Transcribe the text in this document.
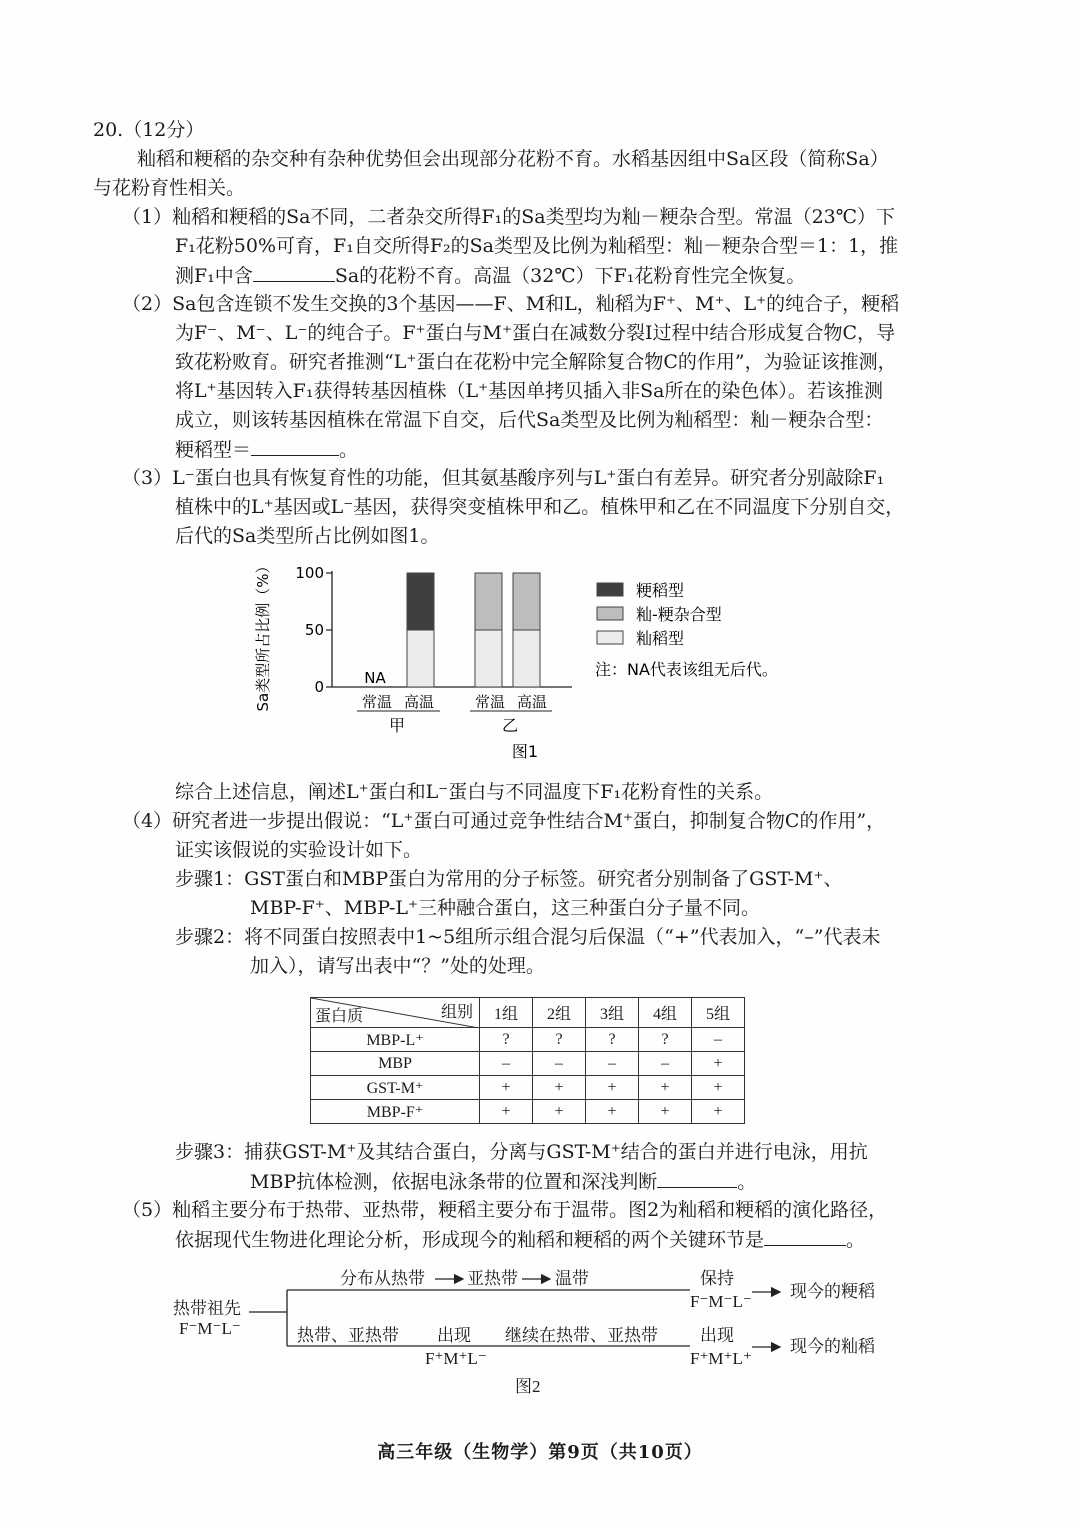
20.（12分）
籼稻和粳稻的杂交种有杂种优势但会出现部分花粉不育。水稻基因组中Sa区段（简称Sa）
与花粉育性相关。
（1）籼稻和粳稻的Sa不同，二者杂交所得F₁的Sa类型均为籼－粳杂合型。常温（23℃）下
F₁花粉50%可育，F₁自交所得F₂的Sa类型及比例为籼稻型：籼－粳杂合型＝1：1，推
测F₁中含	Sa的花粉不育。高温（32℃）下F₁花粉育性完全恢复。
（2）Sa包含连锁不发生交换的3个基因——F、M和L，籼稻为F⁺、M⁺、L⁺的纯合子，粳稻
为F⁻、M⁻、L⁻的纯合子。F⁺蛋白与M⁺蛋白在减数分裂Ⅰ过程中结合形成复合物C，导
致花粉败育。研究者推测“L⁺蛋白在花粉中完全解除复合物C的作用”，为验证该推测，
将L⁺基因转入F₁获得转基因植株（L⁺基因单拷贝插入非Sa所在的染色体）。若该推测
成立，则该转基因植株在常温下自交，后代Sa类型及比例为籼稻型：籼－粳杂合型：
粳稻型＝	。
（3）L⁻蛋白也具有恢复育性的功能，但其氨基酸序列与L⁺蛋白有差异。研究者分别敲除F₁
植株中的L⁺基因或L⁻基因，获得突变植株甲和乙。植株甲和乙在不同温度下分别自交，
后代的Sa类型所占比例如图1。
Sa类型所占比例（%） 100
50
0
常温 高温	常温 高温
NA
甲	乙
图1
粳稻型
籼-粳杂合型
籼稻型
注：NA代表该组无后代。
综合上述信息，阐述L⁺蛋白和L⁻蛋白与不同温度下F₁花粉育性的关系。
（4）研究者进一步提出假说：“L⁺蛋白可通过竞争性结合M⁺蛋白，抑制复合物C的作用”，
证实该假说的实验设计如下。
步骤1：GST蛋白和MBP蛋白为常用的分子标签。研究者分别制备了GST-M⁺、
MBP-F⁺、MBP-L⁺三种融合蛋白，这三种蛋白分子量不同。
步骤2：将不同蛋白按照表中1~5组所示组合混匀后保温（“+”代表加入，“–”代表未
加入），请写出表中“？”处的处理。
组别
蛋白质	1组	2组	3组	4组	5组
MBP-L⁺	?	?	?	?	–
MBP	–	–	–	–	+
GST-M⁺	+	+	+	+	+
MBP-F⁺	+	+	+	+	+
步骤3：捕获GST-M⁺及其结合蛋白，分离与GST-M⁺结合的蛋白并进行电泳，用抗
MBP抗体检测，依据电泳条带的位置和深浅判断	。
（5）籼稻主要分布于热带、亚热带，粳稻主要分布于温带。图2为籼稻和粳稻的演化路径，
依据现代生物进化理论分析，形成现今的籼稻和粳稻的两个关键环节是	。
热带祖先
F⁻M⁻L⁻
分布从热带 亚热带 温带	保持
F⁻M⁻L⁻
现今的粳稻
热带、亚热带 出现
F⁺M⁺L⁻
继续在热带、亚热带 出现
F⁺M⁺L⁺
现今的籼稻
图2
高三年级（生物学）第9页（共10页）
